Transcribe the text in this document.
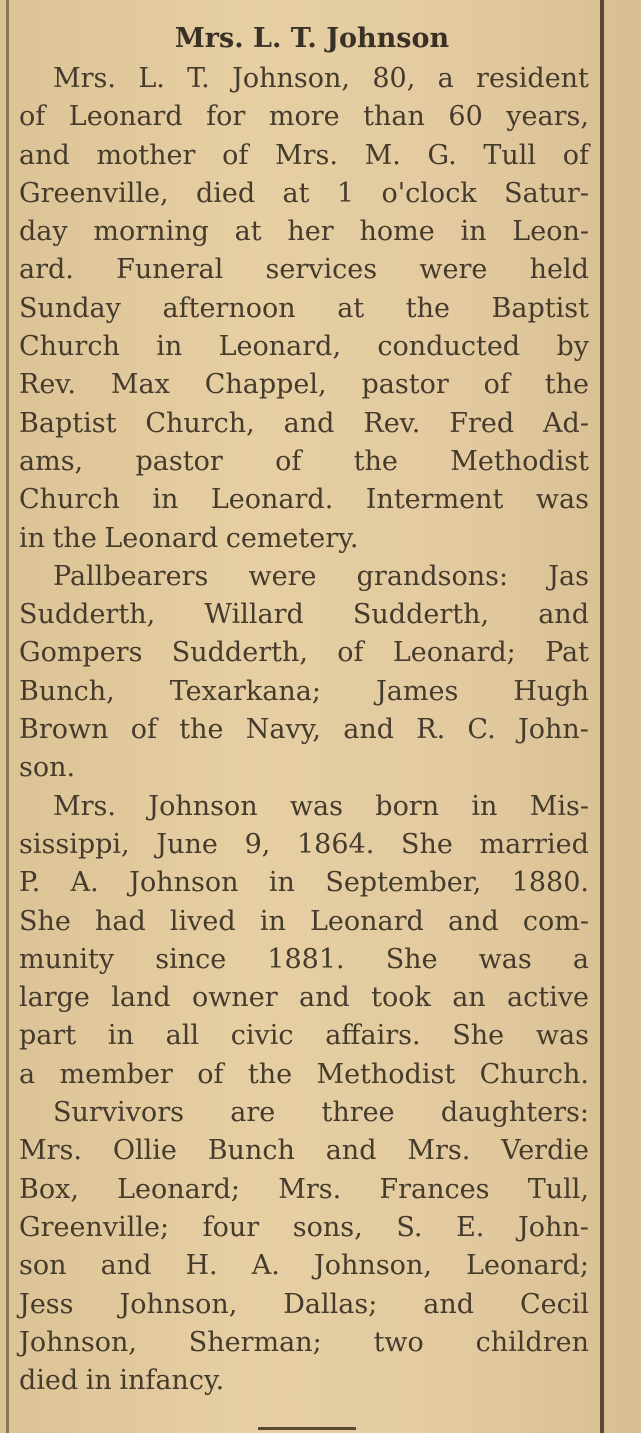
Mrs. L. T. Johnson
Mrs. L. T. Johnson, 80, a resident
of Leonard for more than 60 years,
and mother of Mrs. M. G. Tull of
Greenville, died at 1 o'clock Satur-
day morning at her home in Leon-
ard. Funeral services were held
Sunday afternoon at the Baptist
Church in Leonard, conducted by
Rev. Max Chappel, pastor of the
Baptist Church, and Rev. Fred Ad-
ams, pastor of the Methodist
Church in Leonard. Interment was
in the Leonard cemetery.
Pallbearers were grandsons: Jas
Sudderth, Willard Sudderth, and
Gompers Sudderth, of Leonard; Pat
Bunch, Texarkana; James Hugh
Brown of the Navy, and R. C. John-
son.
Mrs. Johnson was born in Mis-
sissippi, June 9, 1864. She married
P. A. Johnson in September, 1880.
She had lived in Leonard and com-
munity since 1881. She was a
large land owner and took an active
part in all civic affairs. She was
a member of the Methodist Church.
Survivors are three daughters:
Mrs. Ollie Bunch and Mrs. Verdie
Box, Leonard; Mrs. Frances Tull,
Greenville; four sons, S. E. John-
son and H. A. Johnson, Leonard;
Jess Johnson, Dallas; and Cecil
Johnson, Sherman; two children
died in infancy.
